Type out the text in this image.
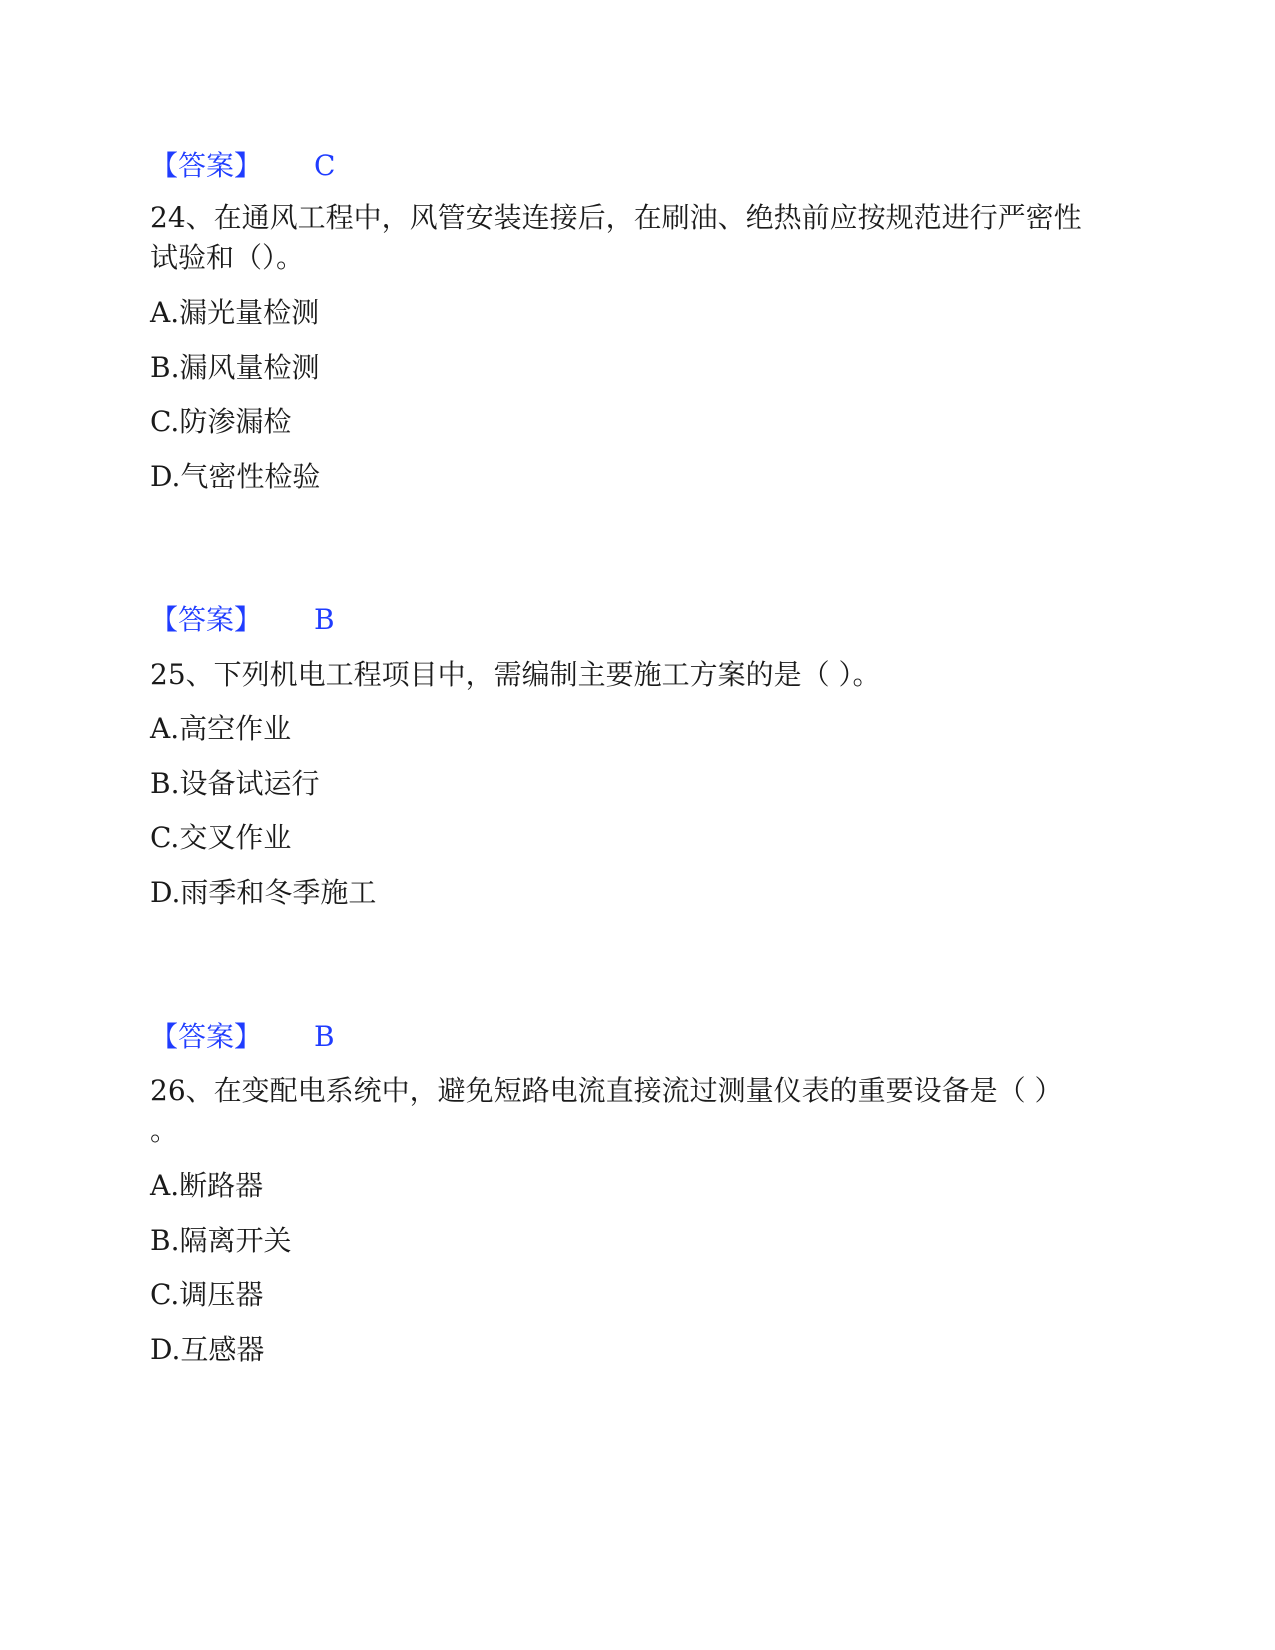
【答案】 C
24、在通风工程中，风管安装连接后，在刷油、绝热前应按规范进行严密性
试验和（）。
A.漏光量检测
B.漏风量检测
C.防渗漏检
D.气密性检验
【答案】 B
25、下列机电工程项目中，需编制主要施工方案的是（ ）。
A.高空作业
B.设备试运行
C.交叉作业
D.雨季和冬季施工
【答案】 B
26、在变配电系统中，避免短路电流直接流过测量仪表的重要设备是（ ）
。
A.断路器
B.隔离开关
C.调压器
D.互感器
